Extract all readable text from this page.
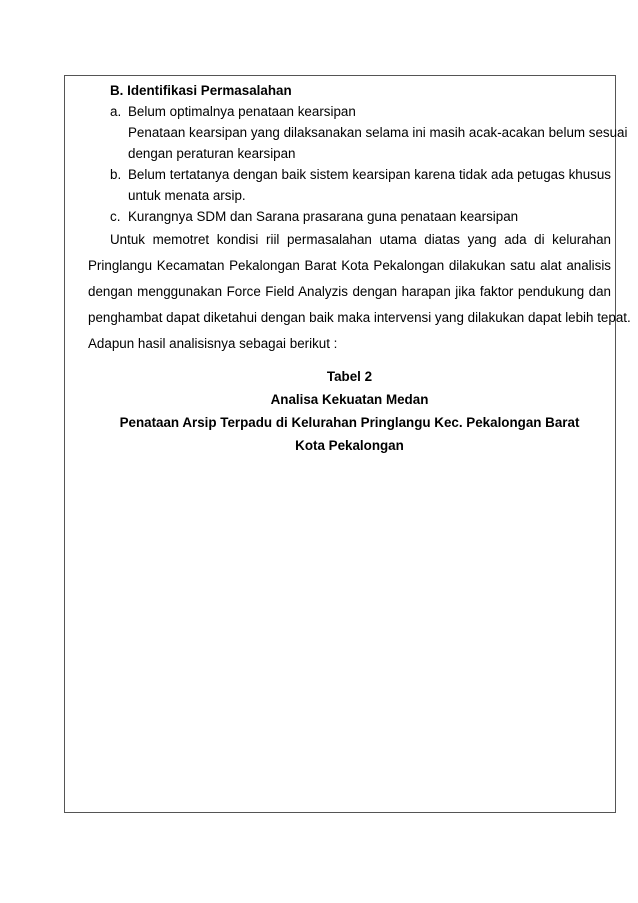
B. Identifikasi Permasalahan
a. Belum optimalnya penataan kearsipan
Penataan kearsipan yang dilaksanakan selama ini masih acak-acakan belum sesuai
dengan peraturan kearsipan
b. Belum tertatanya dengan baik sistem kearsipan karena tidak ada petugas khusus
untuk menata arsip.
c. Kurangnya SDM dan Sarana prasarana guna penataan kearsipan
Untuk memotret kondisi riil permasalahan utama diatas yang ada di kelurahan
Pringlangu Kecamatan Pekalongan Barat Kota Pekalongan dilakukan satu alat analisis
dengan menggunakan Force Field Analyzis dengan harapan jika faktor pendukung dan
penghambat dapat diketahui dengan baik maka intervensi yang dilakukan dapat lebih tepat.
Adapun hasil analisisnya sebagai berikut :
Tabel 2
Analisa Kekuatan Medan
Penataan Arsip Terpadu di Kelurahan Pringlangu Kec. Pekalongan Barat
Kota Pekalongan
